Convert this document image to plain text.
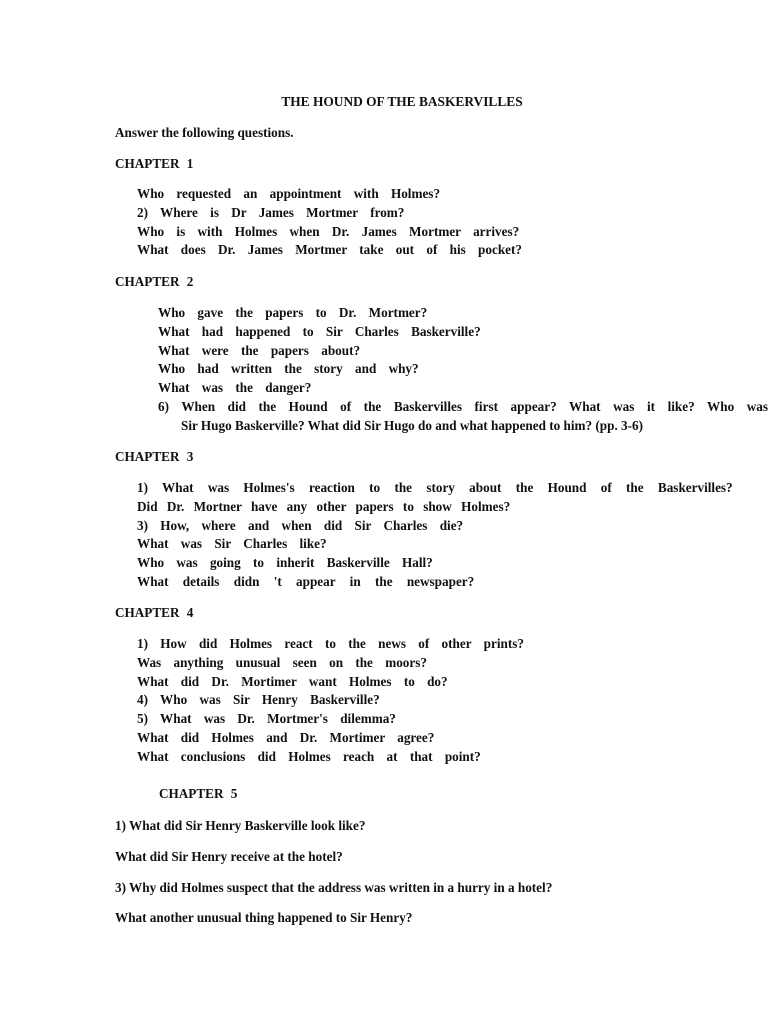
THE HOUND OF THE BASKERVILLES
Answer the following questions.
CHAPTER 1
Who requested an appointment with Holmes?
2) Where is Dr James Mortmer from?
Who is with Holmes when Dr. James Mortmer arrives?
What does Dr. James Mortmer take out of his pocket?
CHAPTER 2
Who gave the papers to Dr. Mortmer?
What had happened to Sir Charles Baskerville?
What were the papers about?
Who had written the story and why?
What was the danger?
6) When did the Hound of the Baskervilles first appear? What was it like? Who was
Sir Hugo Baskerville? What did Sir Hugo do and what happened to him? (pp. 3-6)
CHAPTER 3
1) What was Holmes's reaction to the story about the Hound of the Baskervilles?
Did Dr. Mortner have any other papers to show Holmes?
3) How, where and when did Sir Charles die?
What was Sir Charles like?
Who was going to inherit Baskerville Hall?
What details didn 't appear in the newspaper?
CHAPTER 4
1) How did Holmes react to the news of other prints?
Was anything unusual seen on the moors?
What did Dr. Mortimer want Holmes to do?
4) Who was Sir Henry Baskerville?
5) What was Dr. Mortmer's dilemma?
What did Holmes and Dr. Mortimer agree?
What conclusions did Holmes reach at that point?
CHAPTER 5
1) What did Sir Henry Baskerville look like?
What did Sir Henry receive at the hotel?
3) Why did Holmes suspect that the address was written in a hurry in a hotel?
What another unusual thing happened to Sir Henry?
